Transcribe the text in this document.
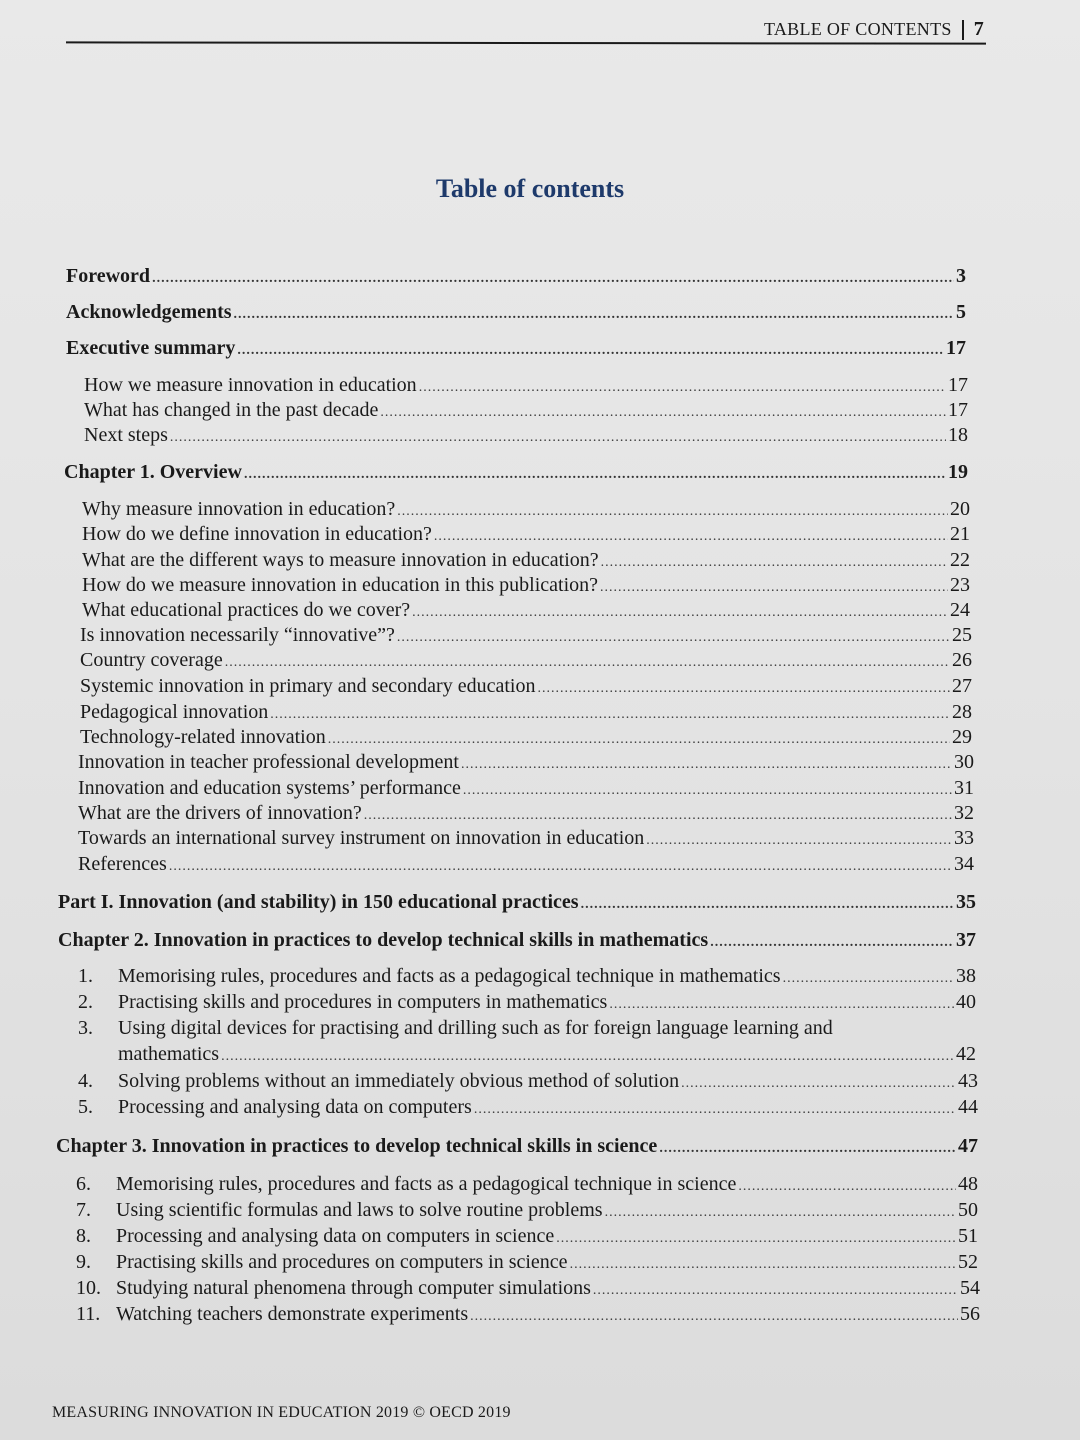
TABLE OF CONTENTS 7
Table of contents
Foreword .....	3
Acknowledgements .....	5
Executive summary .....	17
How we measure innovation in education .....	17
What has changed in the past decade .....	17
Next steps .....	18
Chapter 1. Overview .....	19
Why measure innovation in education? .....	20
How do we define innovation in education? .....	21
What are the different ways to measure innovation in education? .....	22
How do we measure innovation in education in this publication? .....	23
What educational practices do we cover? .....	24
Is innovation necessarily “innovative”? .....	25
Country coverage .....	26
Systemic innovation in primary and secondary education .....	27
Pedagogical innovation .....	28
Technology-related innovation .....	29
Innovation in teacher professional development .....	30
Innovation and education systems’ performance .....	31
What are the drivers of innovation? .....	32
Towards an international survey instrument on innovation in education .....	33
References .....	34
Part I. Innovation (and stability) in 150 educational practices .....	35
Chapter 2. Innovation in practices to develop technical skills in mathematics .....	37
1. Memorising rules, procedures and facts as a pedagogical technique in mathematics .....	38
2. Practising skills and procedures in computers in mathematics .....	40
3. Using digital devices for practising and drilling such as for foreign language learning and
mathematics .....	42
4. Solving problems without an immediately obvious method of solution .....	43
5. Processing and analysing data on computers .....	44
Chapter 3. Innovation in practices to develop technical skills in science .....	47
6. Memorising rules, procedures and facts as a pedagogical technique in science .....	48
7. Using scientific formulas and laws to solve routine problems .....	50
8. Processing and analysing data on computers in science .....	51
9. Practising skills and procedures on computers in science .....	52
10. Studying natural phenomena through computer simulations .....	54
11. Watching teachers demonstrate experiments .....	56
MEASURING INNOVATION IN EDUCATION 2019 © OECD 2019
